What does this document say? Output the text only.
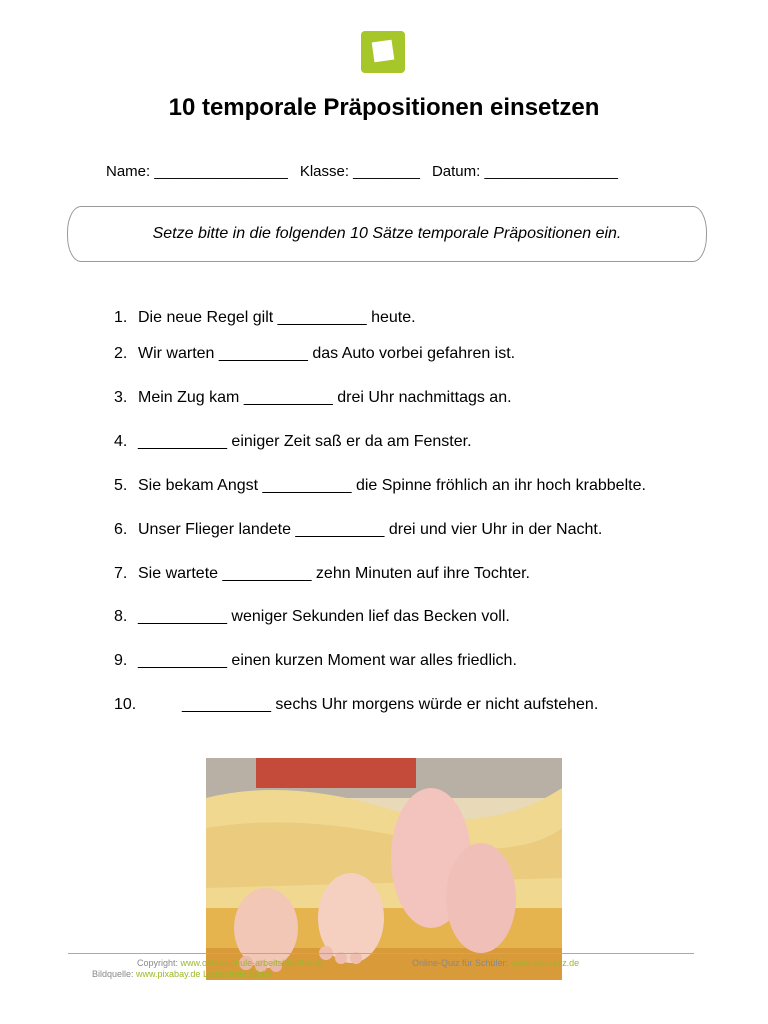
10 temporale Präpositionen einsetzen
Name: ________________ Klasse: ________ Datum: ________________
Setze bitte in die folgenden 10 Sätze temporale Präpositionen ein.
1. Die neue Regel gilt __________ heute.
2. Wir warten __________ das Auto vorbei gefahren ist.
3. Mein Zug kam __________ drei Uhr nachmittags an.
4. __________ einiger Zeit saß er da am Fenster.
5. Sie bekam Angst __________ die Spinne fröhlich an ihr hoch krabbelte.
6. Unser Flieger landete __________ drei und vier Uhr in der Nacht.
7. Sie wartete __________ zehn Minuten auf ihre Tochter.
8. __________ weniger Sekunden lief das Becken voll.
9. __________ einen kurzen Moment war alles friedlich.
10.	__________ sechs Uhr morgens würde er nicht aufstehen.
Copyright: www.onlineschule-arbeitsblaetter.de	Online-Quiz für Schüler: www.lern-quiz.de
Bildquelle: www.pixabay.de Lizenzfreie Bilder
